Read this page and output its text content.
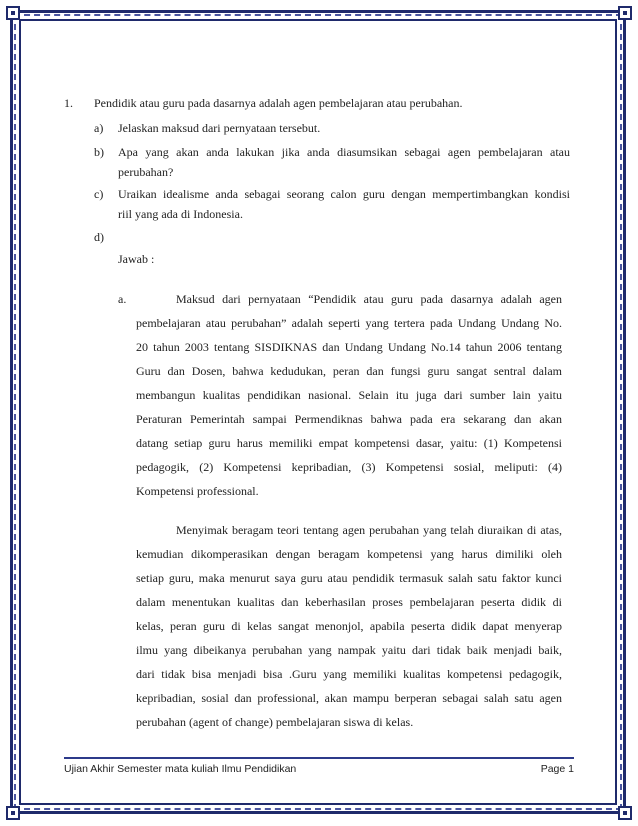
1. Pendidik atau guru pada dasarnya adalah agen pembelajaran atau perubahan.
a) Jelaskan maksud dari pernyataan tersebut.
b) Apa yang akan anda lakukan jika anda diasumsikan sebagai agen pembelajaran atau
perubahan?
c) Uraikan idealisme anda sebagai seorang calon guru dengan mempertimbangkan kondisi
riil yang ada di Indonesia.
d)
Jawab :
a.	Maksud dari pernyataan “Pendidik atau guru pada dasarnya adalah agen
pembelajaran atau perubahan” adalah seperti yang tertera pada Undang Undang No.
20 tahun 2003 tentang SISDIKNAS dan Undang Undang No.14 tahun 2006 tentang
Guru dan Dosen, bahwa kedudukan, peran dan fungsi guru sangat sentral dalam
membangun kualitas pendidikan nasional. Selain itu juga dari sumber lain yaitu
Peraturan Pemerintah sampai Permendiknas bahwa pada era sekarang dan akan
datang setiap guru harus memiliki empat kompetensi dasar, yaitu: (1) Kompetensi
pedagogik, (2) Kompetensi kepribadian, (3) Kompetensi sosial, meliputi: (4)
Kompetensi professional.
Menyimak beragam teori tentang agen perubahan yang telah diuraikan di atas,
kemudian dikomperasikan dengan beragam kompetensi yang harus dimiliki oleh
setiap guru, maka menurut saya guru atau pendidik termasuk salah satu faktor kunci
dalam menentukan kualitas dan keberhasilan proses pembelajaran peserta didik di
kelas, peran guru di kelas sangat menonjol, apabila peserta didik dapat menyerap
ilmu yang dibeikanya perubahan yang nampak yaitu dari tidak baik menjadi baik,
dari tidak bisa menjadi bisa .Guru yang memiliki kualitas kompetensi pedagogik,
kepribadian, sosial dan professional, akan mampu berperan sebagai salah satu agen
perubahan (agent of change) pembelajaran siswa di kelas.
Ujian Akhir Semester mata kuliah Ilmu Pendidikan	Page 1
